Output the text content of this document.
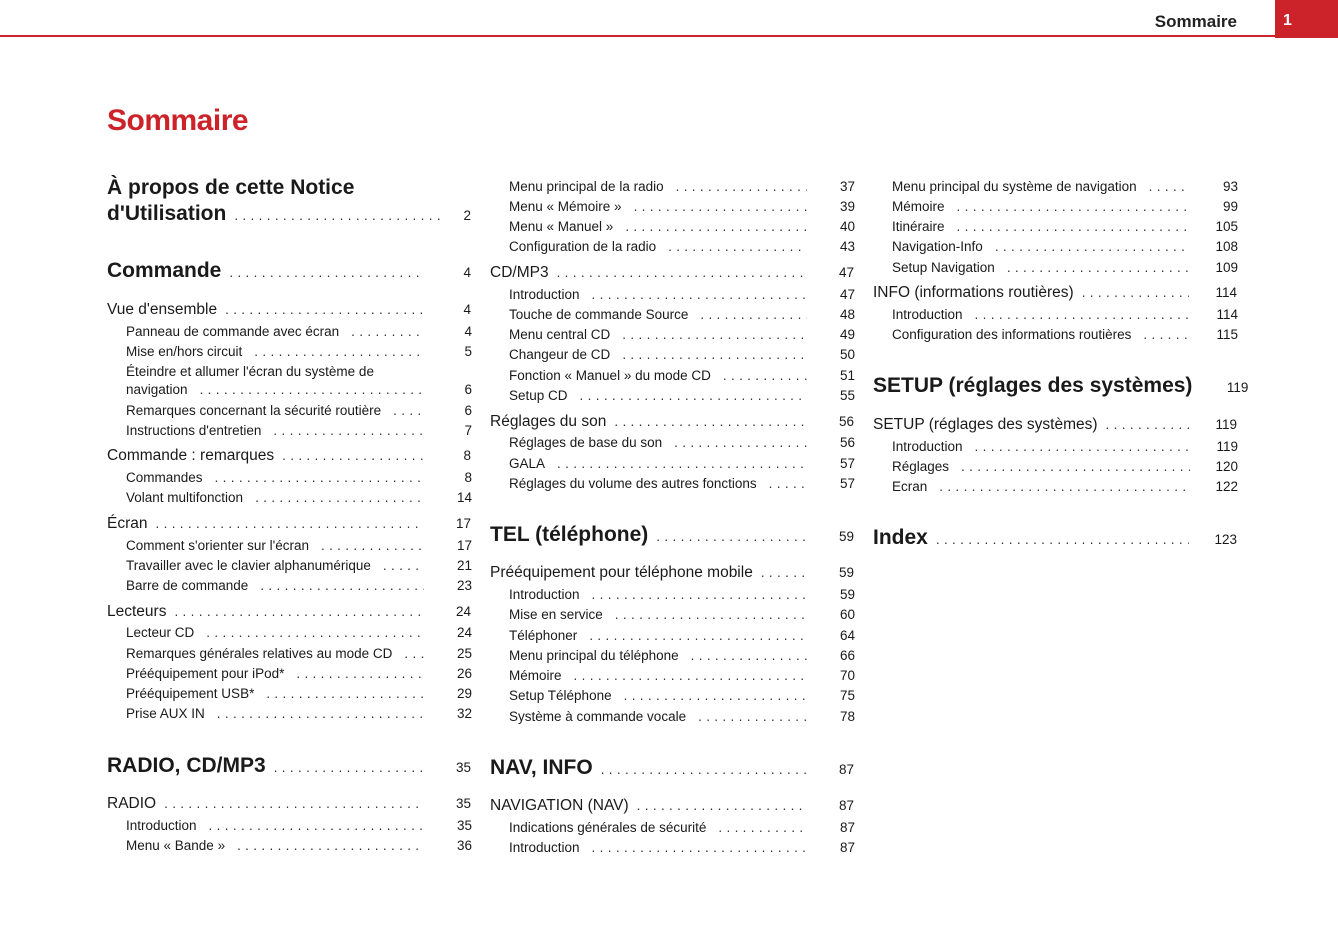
Sommaire	1
Sommaire
À propos de cette Notice
d'Utilisation . . .	2
Commande . . .	4
Vue d'ensemble . . .	4
Panneau de commande avec écran . . .	4
Mise en/hors circuit . . .	5
Éteindre et allumer l'écran du système de
navigation . . .	6
Remarques concernant la sécurité routière . . .	6
Instructions d'entretien . . .	7
Commande : remarques . . .	8
Commandes . . .	8
Volant multifonction . . .	14
Écran . . .	17
Comment s'orienter sur l'écran . . .	17
Travailler avec le clavier alphanumérique . . .	21
Barre de commande . . .	23
Lecteurs . . .	24
Lecteur CD . . .	24
Remarques générales relatives au mode CD . . .	25
Prééquipement pour iPod* . . .	26
Prééquipement USB* . . .	29
Prise AUX IN . . .	32
RADIO, CD/MP3 . . .	35
RADIO . . .	35
Introduction . . .	35
Menu « Bande » . . .	36
Menu principal de la radio . . .	37
Menu « Mémoire » . . .	39
Menu « Manuel » . . .	40
Configuration de la radio . . .	43
CD/MP3 . . .	47
Introduction . . .	47
Touche de commande Source . . .	48
Menu central CD . . .	49
Changeur de CD . . .	50
Fonction « Manuel » du mode CD . . .	51
Setup CD . . .	55
Réglages du son . . .	56
Réglages de base du son . . .	56
GALA . . .	57
Réglages du volume des autres fonctions . . .	57
TEL (téléphone) . . .	59
Prééquipement pour téléphone mobile . . .	59
Introduction . . .	59
Mise en service . . .	60
Téléphoner . . .	64
Menu principal du téléphone . . .	66
Mémoire . . .	70
Setup Téléphone . . .	75
Système à commande vocale . . .	78
NAV, INFO . . .	87
NAVIGATION (NAV) . . .	87
Indications générales de sécurité . . .	87
Introduction . . .	87
Menu principal du système de navigation . . .	93
Mémoire . . .	99
Itinéraire . . .	105
Navigation-Info . . .	108
Setup Navigation . . .	109
INFO (informations routières) . . .	114
Introduction . . .	114
Configuration des informations routières . . .	115
SETUP (réglages des systèmes)	119
SETUP (réglages des systèmes) . . .	119
Introduction . . .	119
Réglages . . .	120
Ecran . . .	122
Index . . .	123
